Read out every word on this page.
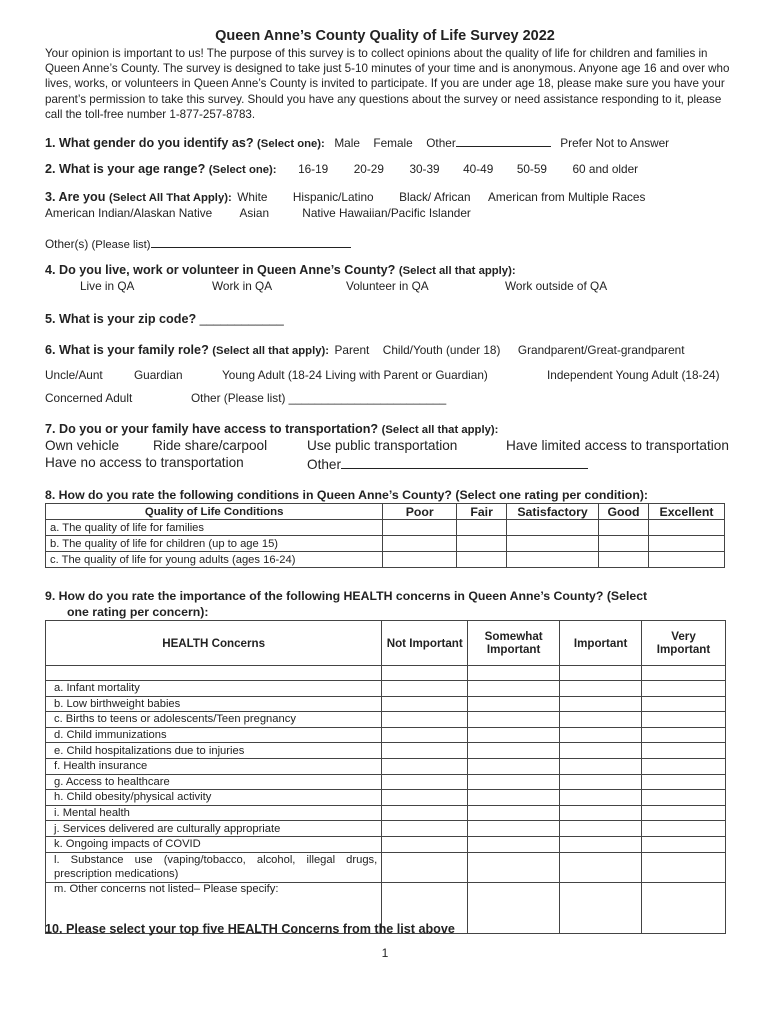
Queen Anne’s County Quality of Life Survey 2022
Your opinion is important to us! The purpose of this survey is to collect opinions about the quality of life for children and families in Queen Anne’s County. The survey is designed to take just 5-10 minutes of your time and is anonymous. Anyone age 16 and over who lives, works, or volunteers in Queen Anne’s County is invited to participate. If you are under age 18, please make sure you have your parent’s permission to take this survey. Should you have any questions about the survey or need assistance responding to it, please call the toll-free number 1-877-257-8783.
1. What gender do you identify as? (Select one): Male Female Other	Prefer Not to Answer
2. What is your age range? (Select one): 16-19 20-29 30-39 40-49 50-59 60 and older
3. Are you (Select All That Apply): White Hispanic/Latino Black/ African American from Multiple Races
American Indian/Alaskan Native Asian	Native Hawaiian/Pacific Islander
Other(s) (Please list)
4. Do you live, work or volunteer in Queen Anne’s County? (Select all that apply):
Live in QA	Work in QA	Volunteer in QA	Work outside of QA
5. What is your zip code? ____________
6. What is your family role? (Select all that apply): Parent Child/Youth (under 18) Grandparent/Great-grandparent
Uncle/Aunt	Guardian	Young Adult (18-24 Living with Parent or Guardian)	Independent Young Adult (18-24)
Concerned Adult	Other (Please list) ________________________
7. Do you or your family have access to transportation? (Select all that apply):
Own vehicle Ride share/carpool	Use public transportation	Have limited access to transportation
Have no access to transportation	Other
8. How do you rate the following conditions in Queen Anne’s County? (Select one rating per condition):
Quality of Life Conditions	Poor	Fair	Satisfactory	Good	Excellent
a. The quality of life for families					
b. The quality of life for children (up to age 15)					
c. The quality of life for young adults (ages 16-24)					
9. How do you rate the importance of the following HEALTH concerns in Queen Anne’s County? (Select
one rating per concern):
HEALTH Concerns	Not Important	Somewhat Important	Important	Very Important

a. Infant mortality				
b. Low birthweight babies				
c. Births to teens or adolescents/Teen pregnancy				
d. Child immunizations				
e. Child hospitalizations due to injuries				
f. Health insurance				
g. Access to healthcare				
h. Child obesity/physical activity				
i. Mental health				
j. Services delivered are culturally appropriate				
k. Ongoing impacts of COVID				
l. Substance use (vaping/tobacco, alcohol, illegal drugs, prescription medications)				
m. Other concerns not listed– Please specify:				
10. Please select your top five HEALTH Concerns from the list above
1
